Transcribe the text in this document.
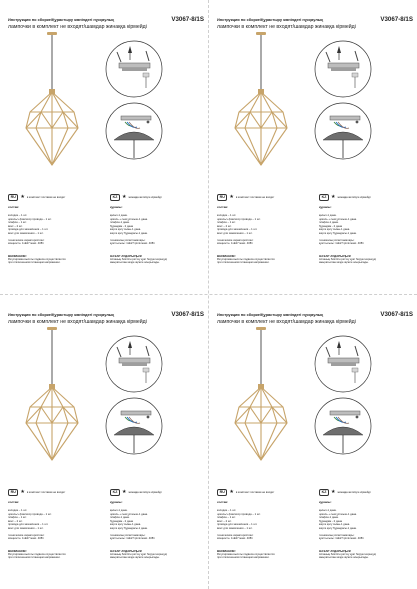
Инструкция по сборке/Құрастыру жөніндегі нұсқаулық	V3067-8/1S
лампочки в комплект не входят/шамдар жинаққа кірмейді
RU ★ в комплект поставки не входит
состав:
колодка – 1 шт.
цоколь/+ фиксатор провода – 1 шт.
плафон – 1 шт.
винт – 2 шт.
провода для заземления – 1 шт.
винт для заземления – 1 шт.
технические характеристики:
мощность: 1xE27 макс. 40Вт
ВНИМАНИЕ!
Регулировка высоты подвеса осуществляется
при отключенном питающем напряжении.
KZ ★ жинаққа жеткізуге кірмейді
құрамы:
қалып-1 дана.
цоколь + сым ұстағыш-1 дана.
плафон-1 дана.
бұрандам - 2 дана
жерге қосу сымы-1 дана.
жерге қосу бұрандасы-1 дана.
техникалық сипаттамалары:
қуаттылығы: 1xE27 ірілік макс. 40Вт
НАЗАР АУДАРЫҢЫЗ!
Аспаның биіктігін реттеу қуат беруші кернеуді
ажыратылған кезде жүзеге асырылады.
Инструкция по сборке/Құрастыру жөніндегі нұсқаулық	V3067-8/1S
лампочки в комплект не входят/шамдар жинаққа кірмейді
RU ★ в комплект поставки не входит
состав:
колодка – 1 шт.
цоколь/+ фиксатор провода – 1 шт.
плафон – 1 шт.
винт – 2 шт.
провода для заземления – 1 шт.
винт для заземления – 1 шт.
технические характеристики:
мощность: 1xE27 макс. 40Вт
ВНИМАНИЕ!
Регулировка высоты подвеса осуществляется
при отключенном питающем напряжении.
KZ ★ жинаққа жеткізуге кірмейді
құрамы:
қалып-1 дана.
цоколь + сым ұстағыш-1 дана.
плафон-1 дана.
бұрандам - 2 дана
жерге қосу сымы-1 дана.
жерге қосу бұрандасы-1 дана.
техникалық сипаттамалары:
қуаттылығы: 1xE27 ірілік макс. 40Вт
НАЗАР АУДАРЫҢЫЗ!
Аспаның биіктігін реттеу қуат беруші кернеуді
ажыратылған кезде жүзеге асырылады.
Инструкция по сборке/Құрастыру жөніндегі нұсқаулық	V3067-8/1S
лампочки в комплект не входят/шамдар жинаққа кірмейді
RU ★ в комплект поставки не входит
состав:
колодка – 1 шт.
цоколь/+ фиксатор провода – 1 шт.
плафон – 1 шт.
винт – 2 шт.
провода для заземления – 1 шт.
винт для заземления – 1 шт.
технические характеристики:
мощность: 1xE27 макс. 40Вт
ВНИМАНИЕ!
Регулировка высоты подвеса осуществляется
при отключенном питающем напряжении.
KZ ★ жинаққа жеткізуге кірмейді
құрамы:
қалып-1 дана.
цоколь + сым ұстағыш-1 дана.
плафон-1 дана.
бұрандам - 2 дана
жерге қосу сымы-1 дана.
жерге қосу бұрандасы-1 дана.
техникалық сипаттамалары:
қуаттылығы: 1xE27 ірілік макс. 40Вт
НАЗАР АУДАРЫҢЫЗ!
Аспаның биіктігін реттеу қуат беруші кернеуді
ажыратылған кезде жүзеге асырылады.
Инструкция по сборке/Құрастыру жөніндегі нұсқаулық	V3067-8/1S
лампочки в комплект не входят/шамдар жинаққа кірмейді
RU ★ в комплект поставки не входит
состав:
колодка – 1 шт.
цоколь/+ фиксатор провода – 1 шт.
плафон – 1 шт.
винт – 2 шт.
провода для заземления – 1 шт.
винт для заземления – 1 шт.
технические характеристики:
мощность: 1xE27 макс. 40Вт
ВНИМАНИЕ!
Регулировка высоты подвеса осуществляется
при отключенном питающем напряжении.
KZ ★ жинаққа жеткізуге кірмейді
құрамы:
қалып-1 дана.
цоколь + сым ұстағыш-1 дана.
плафон-1 дана.
бұрандам - 2 дана
жерге қосу сымы-1 дана.
жерге қосу бұрандасы-1 дана.
техникалық сипаттамалары:
қуаттылығы: 1xE27 ірілік макс. 40Вт
НАЗАР АУДАРЫҢЫЗ!
Аспаның биіктігін реттеу қуат беруші кернеуді
ажыратылған кезде жүзеге асырылады.
